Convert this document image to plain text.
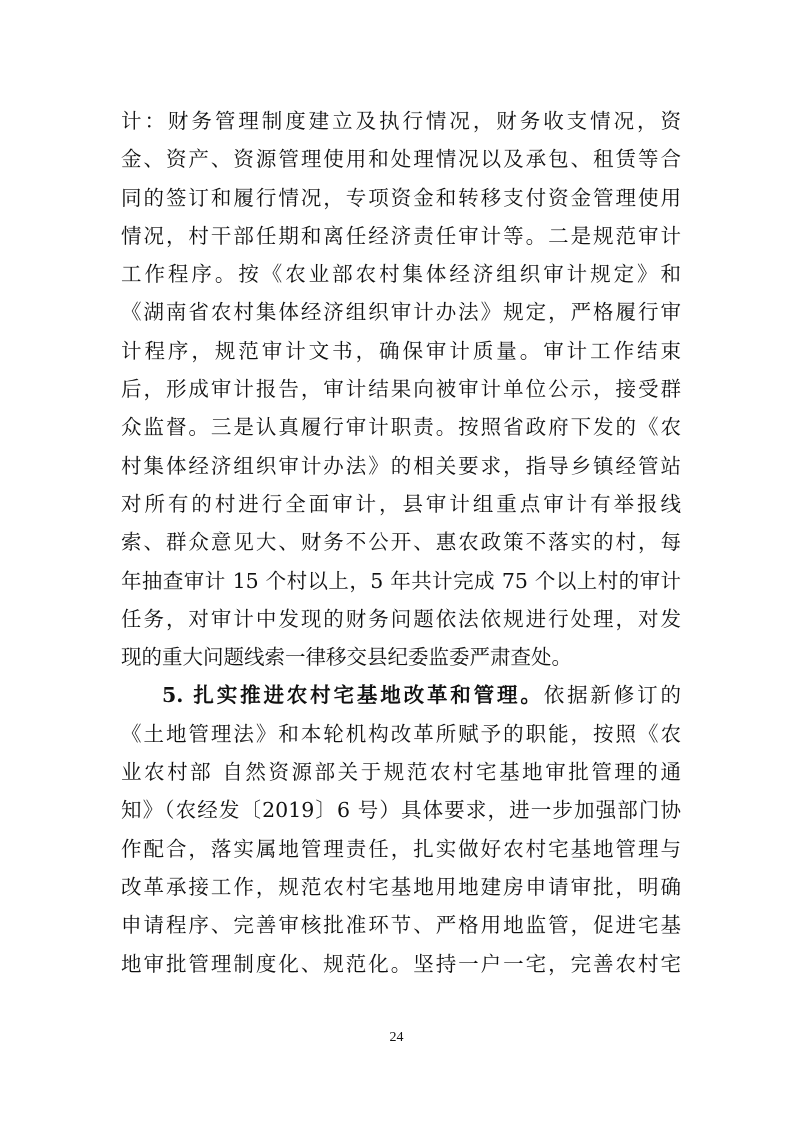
计：财务管理制度建立及执行情况，财务收支情况，资
金、资产、资源管理使用和处理情况以及承包、租赁等合
同的签订和履行情况，专项资金和转移支付资金管理使用
情况，村干部任期和离任经济责任审计等。二是规范审计
工作程序。按《农业部农村集体经济组织审计规定》和
《湖南省农村集体经济组织审计办法》规定，严格履行审
计程序，规范审计文书，确保审计质量。审计工作结束
后，形成审计报告，审计结果向被审计单位公示，接受群
众监督。三是认真履行审计职责。按照省政府下发的《农
村集体经济组织审计办法》的相关要求，指导乡镇经管站
对所有的村进行全面审计，县审计组重点审计有举报线
索、群众意见大、财务不公开、惠农政策不落实的村，每
年抽查审计 15 个村以上，5 年共计完成 75 个以上村的审计
任务，对审计中发现的财务问题依法依规进行处理，对发
现的重大问题线索一律移交县纪委监委严肃查处。
5. 扎实推进农村宅基地改革和管理。依据新修订的
《土地管理法》和本轮机构改革所赋予的职能，按照《农
业农村部 自然资源部关于规范农村宅基地审批管理的通
知》（农经发〔2019〕6 号）具体要求，进一步加强部门协
作配合，落实属地管理责任，扎实做好农村宅基地管理与
改革承接工作，规范农村宅基地用地建房申请审批，明确
申请程序、完善审核批准环节、严格用地监管，促进宅基
地审批管理制度化、规范化。坚持一户一宅，完善农村宅
24
